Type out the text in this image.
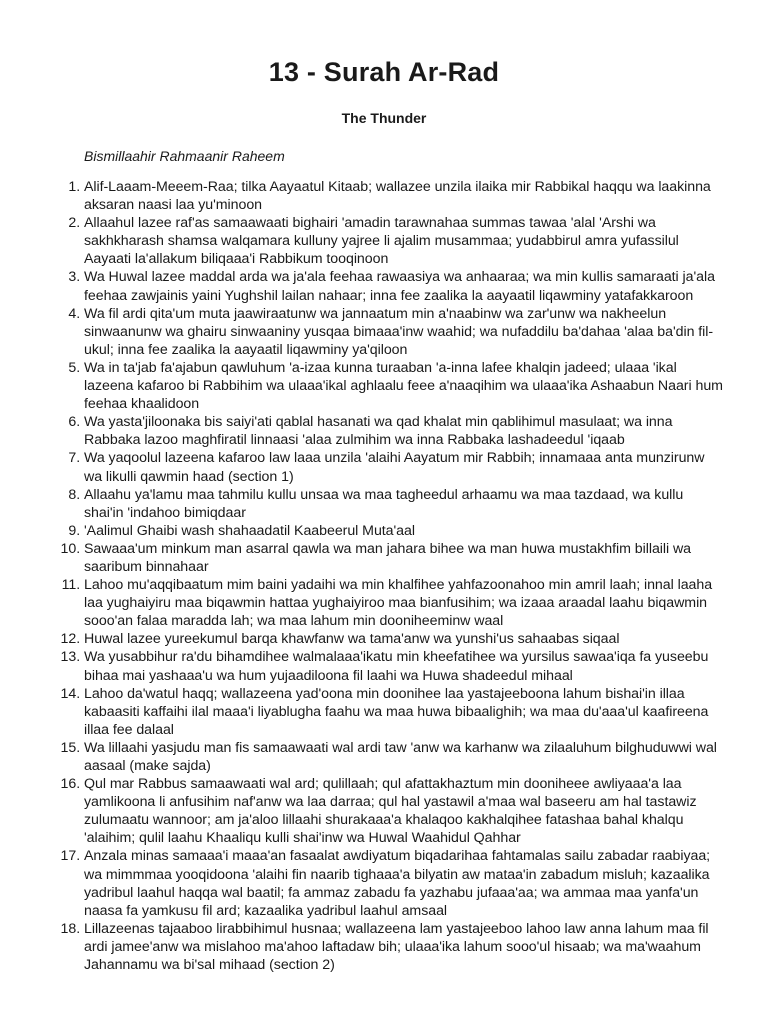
13 - Surah Ar-Rad
The Thunder
Bismillaahir Rahmaanir Raheem
1. Alif-Laaam-Meeem-Raa; tilka Aayaatul Kitaab; wallazee unzila ilaika mir Rabbikal haqqu wa laakinna aksaran naasi laa yu'minoon
2. Allaahul lazee raf'as samaawaati bighairi 'amadin tarawnahaa summas tawaa 'alal 'Arshi wa sakhkharash shamsa walqamara kulluny yajree li ajalim musammaa; yudabbirul amra yufassilul Aayaati la'allakum biliqaaa'i Rabbikum tooqinoon
3. Wa Huwal lazee maddal arda wa ja'ala feehaa rawaasiya wa anhaaraa; wa min kullis samaraati ja'ala feehaa zawjainis yaini Yughshil lailan nahaar; inna fee zaalika la aayaatil liqawminy yatafakkaroon
4. Wa fil ardi qita'um muta jaawiraatunw wa jannaatum min a'naabinw wa zar'unw wa nakheelun sinwaanunw wa ghairu sinwaaniny yusqaa bimaaa'inw waahid; wa nufaddilu ba'dahaa 'alaa ba'din fil-ukul; inna fee zaalika la aayaatil liqawminy ya'qiloon
5. Wa in ta'jab fa'ajabun qawluhum 'a-izaa kunna turaaban 'a-inna lafee khalqin jadeed; ulaaa 'ikal lazeena kafaroo bi Rabbihim wa ulaaa'ikal aghlaalu feee a'naaqihim wa ulaaa'ika Ashaabun Naari hum feehaa khaalidoon
6. Wa yasta'jiloonaka bis saiyi'ati qablal hasanati wa qad khalat min qablihimul masulaat; wa inna Rabbaka lazoo maghfiratil linnaasi 'alaa zulmihim wa inna Rabbaka lashadeedul 'iqaab
7. Wa yaqoolul lazeena kafaroo law laaa unzila 'alaihi Aayatum mir Rabbih; innamaaa anta munzirunw wa likulli qawmin haad (section 1)
8. Allaahu ya'lamu maa tahmilu kullu unsaa wa maa tagheedul arhaamu wa maa tazdaad, wa kullu shai'in 'indahoo bimiqdaar
9. 'Aalimul Ghaibi wash shahaadatil Kaabeerul Muta'aal
10. Sawaaa'um minkum man asarral qawla wa man jahara bihee wa man huwa mustakhfim billaili wa saaribum binnahaar
11. Lahoo mu'aqqibaatum mim baini yadaihi wa min khalfihee yahfazoonahoo min amril laah; innal laaha laa yughaiyiru maa biqawmin hattaa yughaiyiroo maa bianfusihim; wa izaaa araadal laahu biqawmin sooo'an falaa maradda lah; wa maa lahum min dooniheeminw waal
12. Huwal lazee yureekumul barqa khawfanw wa tama'anw wa yunshi'us sahaabas siqaal
13. Wa yusabbihur ra'du bihamdihee walmalaaa'ikatu min kheefatihee wa yursilus sawaa'iqa fa yuseebu bihaa mai yashaaa'u wa hum yujaadiloona fil laahi wa Huwa shadeedul mihaal
14. Lahoo da'watul haqq; wallazeena yad'oona min doonihee laa yastajeeboona lahum bishai'in illaa kabaasiti kaffaihi ilal maaa'i liyablugha faahu wa maa huwa bibaalighih; wa maa du'aaa'ul kaafireena illaa fee dalaal
15. Wa lillaahi yasjudu man fis samaawaati wal ardi taw 'anw wa karhanw wa zilaaluhum bilghuduwwi wal aasaal (make sajda)
16. Qul mar Rabbus samaawaati wal ard; qulillaah; qul afattakhaztum min dooniheee awliyaaa'a laa yamlikoona li anfusihim naf'anw wa laa darraa; qul hal yastawil a'maa wal baseeru am hal tastawiz zulumaatu wannoor; am ja'aloo lillaahi shurakaaa'a khalaqoo kakhalqihee fatashaa bahal khalqu 'alaihim; qulil laahu Khaaliqu kulli shai'inw wa Huwal Waahidul Qahhar
17. Anzala minas samaaa'i maaa'an fasaalat awdiyatum biqadarihaa fahtamalas sailu zabadar raabiyaa; wa mimmmaa yooqidoona 'alaihi fin naarib tighaaa'a bilyatin aw mataa'in zabadum misluh; kazaalika yadribul laahul haqqa wal baatil; fa ammaz zabadu fa yazhabu jufaaa'aa; wa ammaa maa yanfa'un naasa fa yamkusu fil ard; kazaalika yadribul laahul amsaal
18. Lillazeenas tajaaboo lirabbihimul husnaa; wallazeena lam yastajeeboo lahoo law anna lahum maa fil ardi jamee'anw wa mislahoo ma'ahoo laftadaw bih; ulaaa'ika lahum sooo'ul hisaab; wa ma'waahum Jahannamu wa bi'sal mihaad (section 2)
